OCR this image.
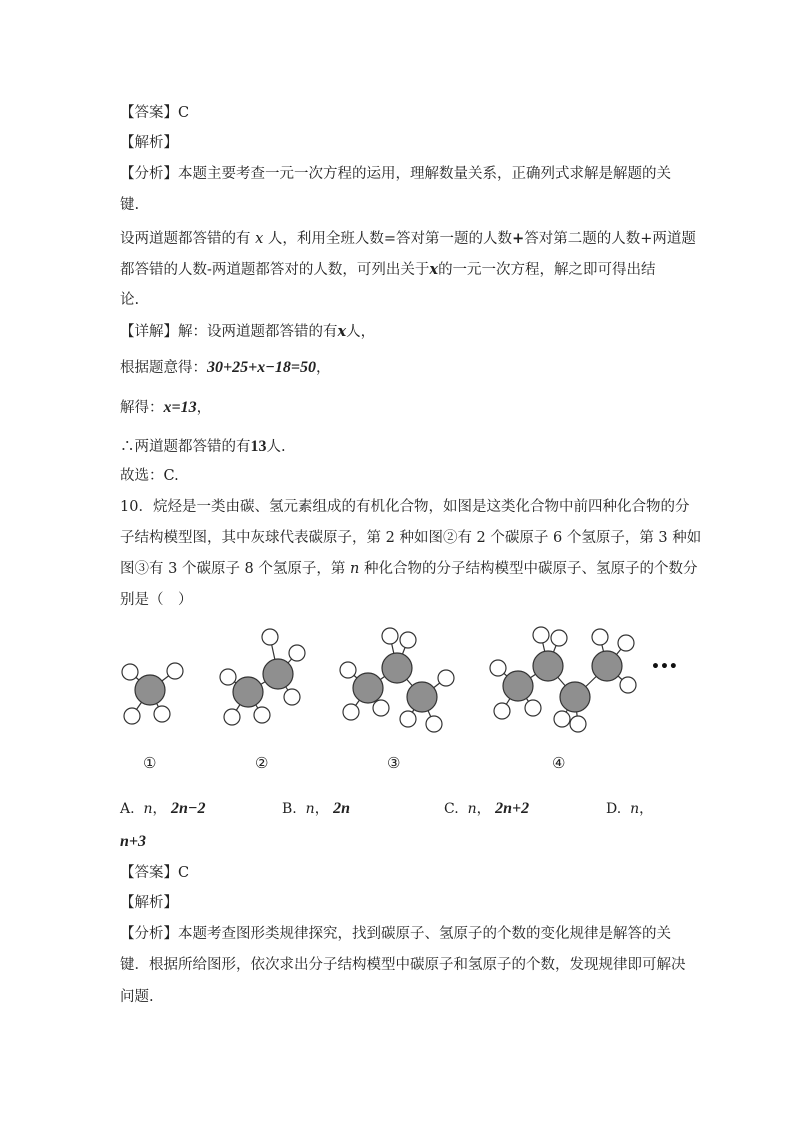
【答案】C
【解析】
【分析】本题主要考查一元一次方程的运用，理解数量关系，正确列式求解是解题的关
键.
设两道题都答错的有 x 人，利用全班人数=答对第一题的人数+答对第二题的人数+两道题
都答错的人数-两道题都答对的人数，可列出关于x的一元一次方程，解之即可得出结
论.
【详解】解：设两道题都答错的有x人，
根据题意得：30+25+x−18=50，
解得：x=13，
∴两道题都答错的有13人.
故选：C.
10．烷烃是一类由碳、氢元素组成的有机化合物，如图是这类化合物中前四种化合物的分
子结构模型图，其中灰球代表碳原子，第 2 种如图②有 2 个碳原子 6 个氢原子，第 3 种如
图③有 3 个碳原子 8 个氢原子，第 n 种化合物的分子结构模型中碳原子、氢原子的个数分
别是（　）
•••
①	②	③	④
A. n， 2n−2	B. n， 2n	C. n， 2n+2	D. n，
n+3
【答案】C
【解析】
【分析】本题考查图形类规律探究，找到碳原子、氢原子的个数的变化规律是解答的关
键．根据所给图形，依次求出分子结构模型中碳原子和氢原子的个数，发现规律即可解决
问题.
